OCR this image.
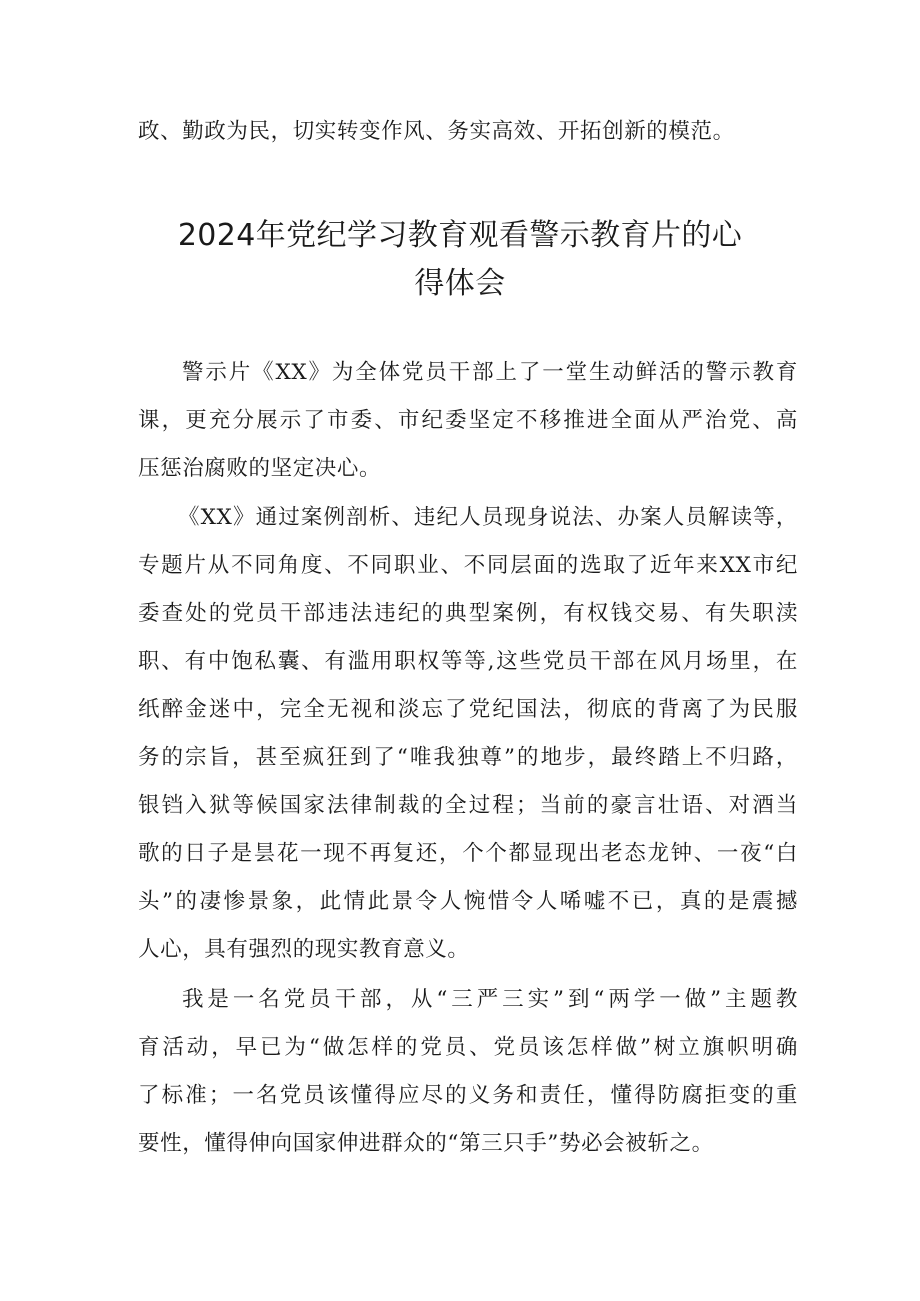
政、勤政为民，切实转变作风、务实高效、开拓创新的模范。
2024年党纪学习教育观看警示教育片的心
得体会
警示片《XX》为全体党员干部上了一堂生动鲜活的警示教育
课，更充分展示了市委、市纪委坚定不移推进全面从严治党、高
压惩治腐败的坚定决心。
《XX》通过案例剖析、违纪人员现身说法、办案人员解读等，
专题片从不同角度、不同职业、不同层面的选取了近年来XX市纪
委查处的党员干部违法违纪的典型案例，有权钱交易、有失职渎
职、有中饱私囊、有滥用职权等等,这些党员干部在风月场里，在
纸醉金迷中，完全无视和淡忘了党纪国法，彻底的背离了为民服
务的宗旨，甚至疯狂到了“唯我独尊”的地步，最终踏上不归路，
银铛入狱等候国家法律制裁的全过程；当前的豪言壮语、对酒当
歌的日子是昙花一现不再复还，个个都显现出老态龙钟、一夜“白
头”的凄惨景象，此情此景令人惋惜令人唏嘘不已，真的是震撼
人心，具有强烈的现实教育意义。
我是一名党员干部，从“三严三实”到“两学一做”主题教
育活动，早已为“做怎样的党员、党员该怎样做”树立旗帜明确
了标准；一名党员该懂得应尽的义务和责任，懂得防腐拒变的重
要性，懂得伸向国家伸进群众的“第三只手”势必会被斩之。
